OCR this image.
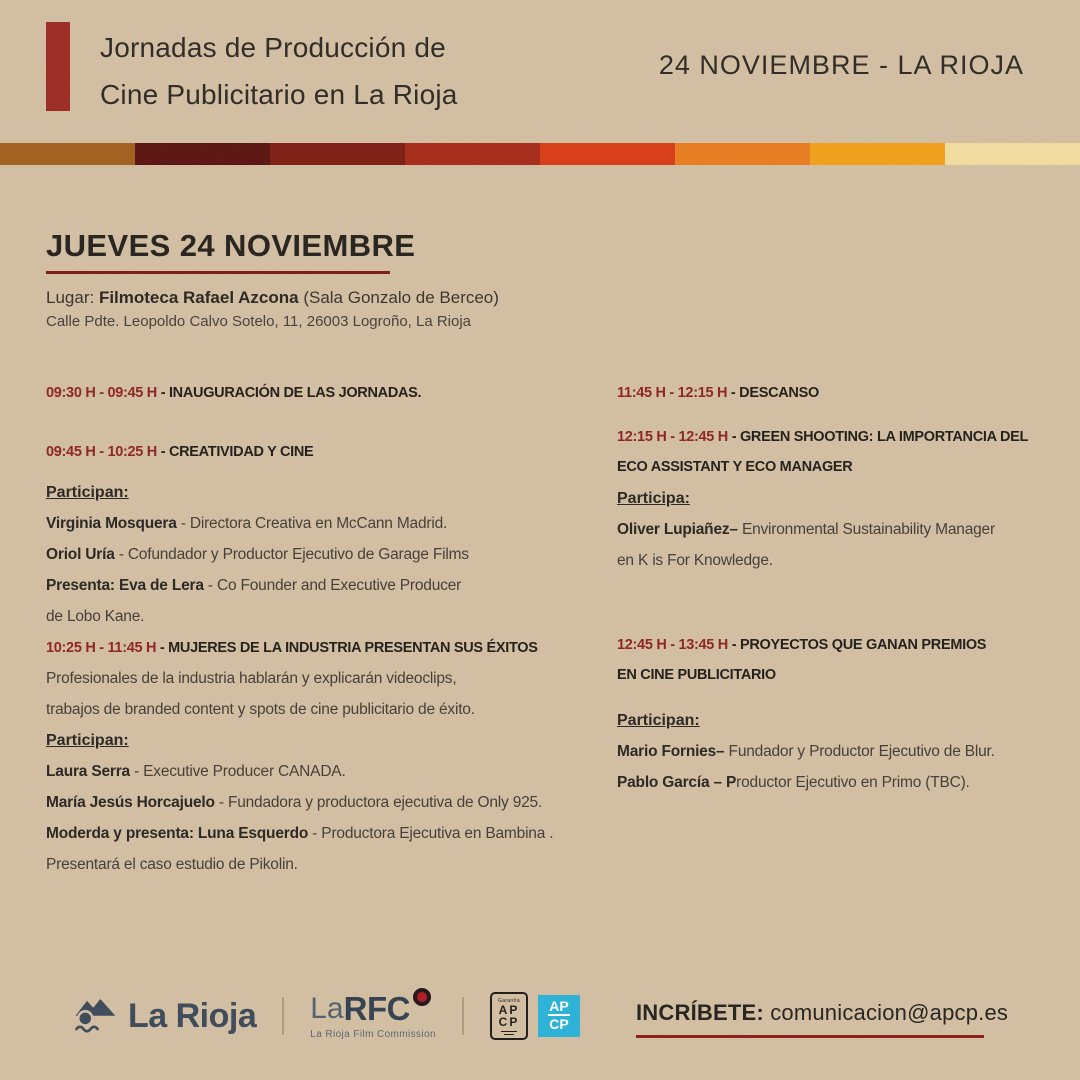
Jornadas de Producción de
Cine Publicitario en La Rioja
24 NOVIEMBRE - LA RIOJA
JUEVES 24 NOVIEMBRE
Lugar: Filmoteca Rafael Azcona (Sala Gonzalo de Berceo)
Calle Pdte. Leopoldo Calvo Sotelo, 11, 26003 Logroño, La Rioja
09:30 H - 09:45 H - INAUGURACIÓN DE LAS JORNADAS.
09:45 H - 10:25 H - CREATIVIDAD Y CINE
Participan:
Virginia Mosquera - Directora Creativa en McCann Madrid.
Oriol Uría - Cofundador y Productor Ejecutivo de Garage Films
Presenta: Eva de Lera - Co Founder and Executive Producer
de Lobo Kane.
10:25 H - 11:45 H - MUJERES DE LA INDUSTRIA PRESENTAN SUS ÉXITOS
Profesionales de la industria hablarán y explicarán videoclips,
trabajos de branded content y spots de cine publicitario de éxito.
Participan:
Laura Serra - Executive Producer CANADA.
María Jesús Horcajuelo - Fundadora y productora ejecutiva de Only 925.
Moderda y presenta: Luna Esquerdo - Productora Ejecutiva en Bambina .
Presentará el caso estudio de Pikolin.
11:45 H - 12:15 H - DESCANSO
12:15 H - 12:45 H - GREEN SHOOTING: LA IMPORTANCIA DEL
ECO ASSISTANT Y ECO MANAGER
Participa:
Oliver Lupiañez– Environmental Sustainability Manager
en K is For Knowledge.
12:45 H - 13:45 H - PROYECTOS QUE GANAN PREMIOS
EN CINE PUBLICITARIO
Participan:
Mario Fornies– Fundador y Productor Ejecutivo de Blur.
Pablo García – Productor Ejecutivo en Primo (TBC).
La Rioja La RFC
La Rioja Film Commission
Garantía
AP
CP
AP
CP	INCRÍBETE: comunicacion@apcp.es
